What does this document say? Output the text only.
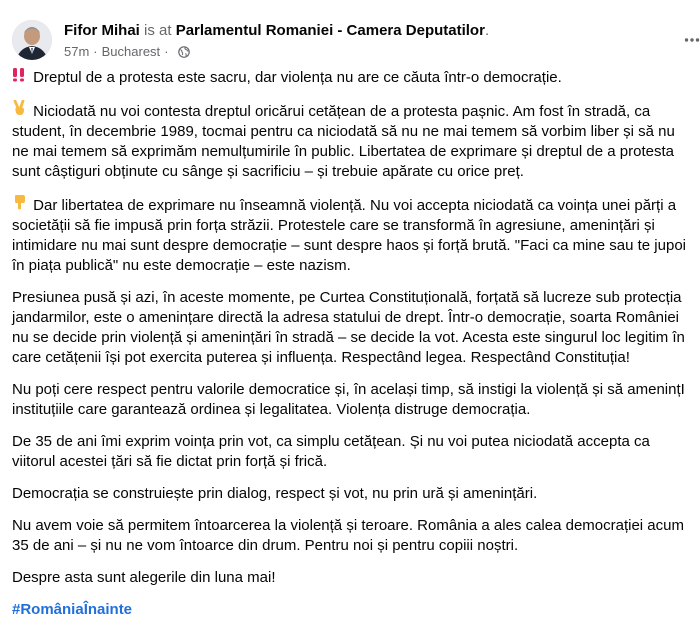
Fifor Mihai is at Parlamentul Romaniei - Camera Deputatilor.
57m · Bucharest ·

Dreptul de a protesta este sacru, dar violența nu are ce căuta într-o democrație.

Niciodată nu voi contesta dreptul oricărui cetățean de a protesta pașnic. Am fost în stradă, ca
student, în decembrie 1989, tocmai pentru ca niciodată să nu ne mai temem să vorbim liber și să nu
ne mai temem să exprimăm nemulțumirile în public. Libertatea de exprimare și dreptul de a protesta
sunt câștiguri obținute cu sânge și sacrificiu – și trebuie apărate cu orice preț.

Dar libertatea de exprimare nu înseamnă violență. Nu voi accepta niciodată ca voința unei părți a
societății să fie impusă prin forța străzii. Protestele care se transformă în agresiune, amenințări și
intimidare nu mai sunt despre democrație – sunt despre haos și forță brută. "Faci ca mine sau te jupoi
în piața publică" nu este democrație – este nazism.

Presiunea pusă și azi, în aceste momente, pe Curtea Constituțională, forțată să lucreze sub protecția
jandarmilor, este o amenințare directă la adresa statului de drept. Într-o democrație, soarta României
nu se decide prin violență și amenințări în stradă – se decide la vot. Acesta este singurul loc legitim în
care cetățenii își pot exercita puterea și influența. Respectând legea. Respectând Constituția!

Nu poți cere respect pentru valorile democratice și, în același timp, să instigi la violență și să amenințI
instituțiile care garantează ordinea și legalitatea. Violența distruge democrația.

De 35 de ani îmi exprim voința prin vot, ca simplu cetățean. Și nu voi putea niciodată accepta ca
viitorul acestei țări să fie dictat prin forță și frică.

Democrația se construiește prin dialog, respect și vot, nu prin ură și amenințări.

Nu avem voie să permitem întoarcerea la violență și teroare. România a ales calea democrației acum
35 de ani – și nu ne vom întoarce din drum. Pentru noi și pentru copiii noștri.

Despre asta sunt alegerile din luna mai!

#RomâniaÎnainte
